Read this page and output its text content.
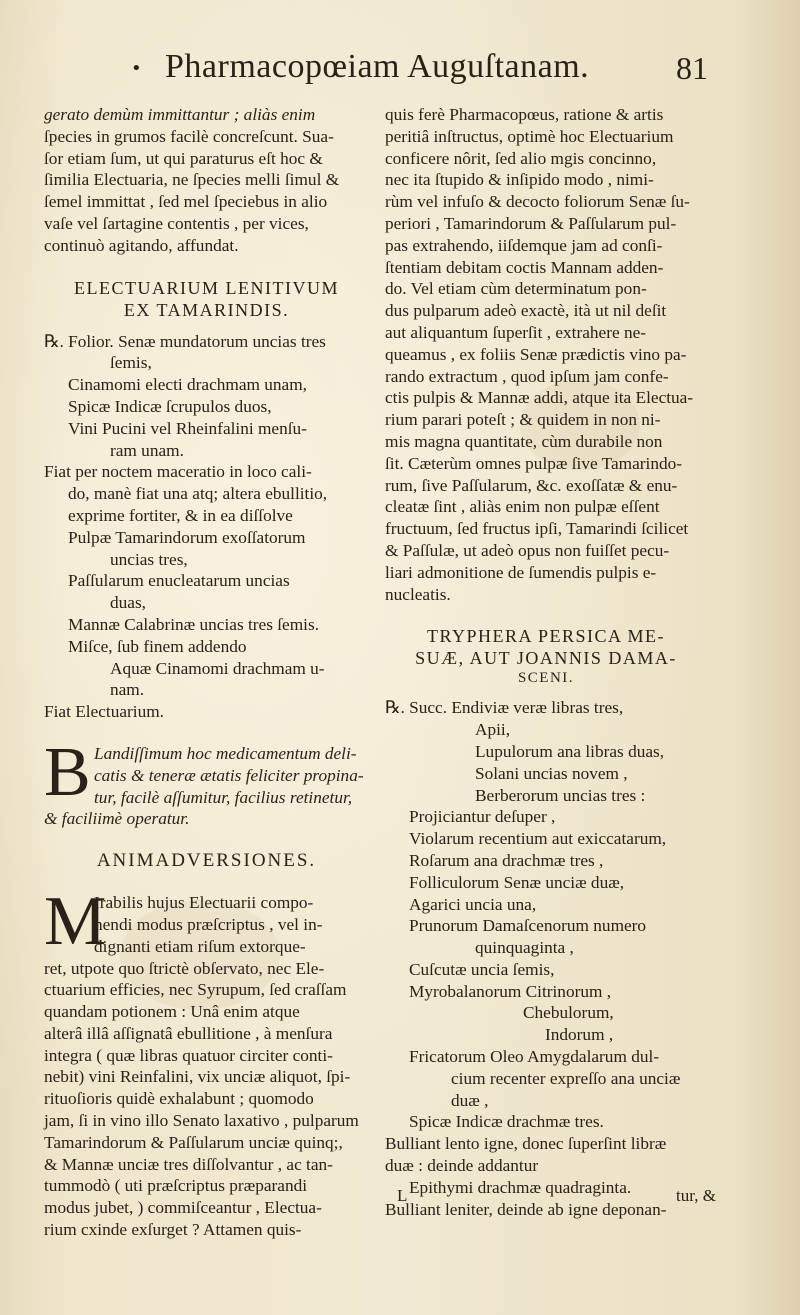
• Pharmacopœiam Auguſtanam.	81
gerato demùm immittantur ; aliàs enim
ſpecies in grumos facilè concreſcunt. Sua-
ſor etiam ſum, ut qui paraturus eſt hoc &
ſimilia Electuaria, ne ſpecies melli ſimul &
ſemel immittat , ſed mel ſpeciebus in alio
vaſe vel ſartagine contentis , per vices,
continuò agitando, affundat.
ELECTUARIUM LENITIVUM
EX TAMARINDIS.
℞. Folior. Senæ mundatorum uncias tres
ſemis,
Cinamomi electi drachmam unam,
Spicæ Indicæ ſcrupulos duos,
Vini Pucini vel Rheinfalini menſu-
ram unam.
Fiat per noctem maceratio in loco cali-
do, manè fiat una atq; altera ebullitio,
exprime fortiter, & in ea diſſolve
Pulpæ Tamarindorum exoſſatorum
uncias tres,
Paſſularum enucleatarum uncias
duas,
Mannæ Calabrinæ uncias tres ſemis.
Miſce, ſub finem addendo
Aquæ Cinamomi drachmam u-
nam.
Fiat Electuarium.
B Landiſſimum hoc medicamentum deli-
catis & teneræ ætatis feliciter propina-
tur, facilè aſſumitur, facilius retinetur,
& faciliimè operatur.
ANIMADVERSIONES.
M
Irabilis hujus Electuarii compo-
nendi modus præſcriptus , vel in-
dignanti etiam riſum extorque-
ret, utpote quo ſtrictè obſervato, nec Ele-
ctuarium efficies, nec Syrupum, ſed craſſam
quandam potionem : Unâ enim atque
alterâ illâ aſſignatâ ebullitione , à menſura
integra ( quæ libras quatuor circiter conti-
nebit) vini Reinfalini, vix unciæ aliquot, ſpi-
rituoſioris quidè exhalabunt ; quomodo
jam, ſi in vino illo Senato laxativo , pulparum
Tamarindorum & Paſſularum unciæ quinq;,
& Mannæ unciæ tres diſſolvantur , ac tan-
tummodò ( uti præſcriptus præparandi
modus jubet, ) commiſceantur , Electua-
rium cxinde exſurget ? Attamen quis-
quis ferè Pharmacopœus, ratione & artis
peritiâ inſtructus, optimè hoc Electuarium
conficere nôrit, ſed alio mgis concinno,
nec ita ſtupido & inſipido modo , nimi-
rùm vel infuſo & decocto foliorum Senæ ſu-
periori , Tamarindorum & Paſſularum pul-
pas extrahendo, iiſdemque jam ad conſi-
ſtentiam debitam coctis Mannam adden-
do. Vel etiam cùm determinatum pon-
dus pulparum adeò exactè, ità ut nil deſit
aut aliquantum ſuperſit , extrahere ne-
queamus , ex foliis Senæ prædictis vino pa-
rando extractum , quod ipſum jam confe-
ctis pulpis & Mannæ addi, atque ita Electua-
rium parari poteſt ; & quidem in non ni-
mis magna quantitate, cùm durabile non
ſit. Cæterùm omnes pulpæ ſive Tamarindo-
rum, ſive Paſſularum, &c. exoſſatæ & enu-
cleatæ ſint , aliàs enim non pulpæ eſſent
fructuum, ſed fructus ipſi, Tamarindi ſcilicet
& Paſſulæ, ut adeò opus non fuiſſet pecu-
liari admonitione de ſumendis pulpis e-
nucleatis.
TRYPHERA PERSICA ME-
SUÆ, AUT JOANNIS DAMA-
SCENI.
℞. Succ. Endiviæ veræ libras tres,
Apii,
Lupulorum ana libras duas,
Solani uncias novem ,
Berberorum uncias tres :
Projiciantur deſuper ,
Violarum recentium aut exiccatarum,
Roſarum ana drachmæ tres ,
Folliculorum Senæ unciæ duæ,
Agarici uncia una,
Prunorum Damaſcenorum numero
quinquaginta ,
Cuſcutæ uncia ſemis,
Myrobalanorum Citrinorum ,
Chebulorum,
Indorum ,
Fricatorum Oleo Amygdalarum dul-
cium recenter expreſſo ana unciæ
duæ ,
Spicæ Indicæ drachmæ tres.
Bulliant lento igne, donec ſuperſint libræ
duæ : deinde addantur
Epithymi drachmæ quadraginta.
Bulliant leniter, deinde ab igne deponan-
L	tur, &
